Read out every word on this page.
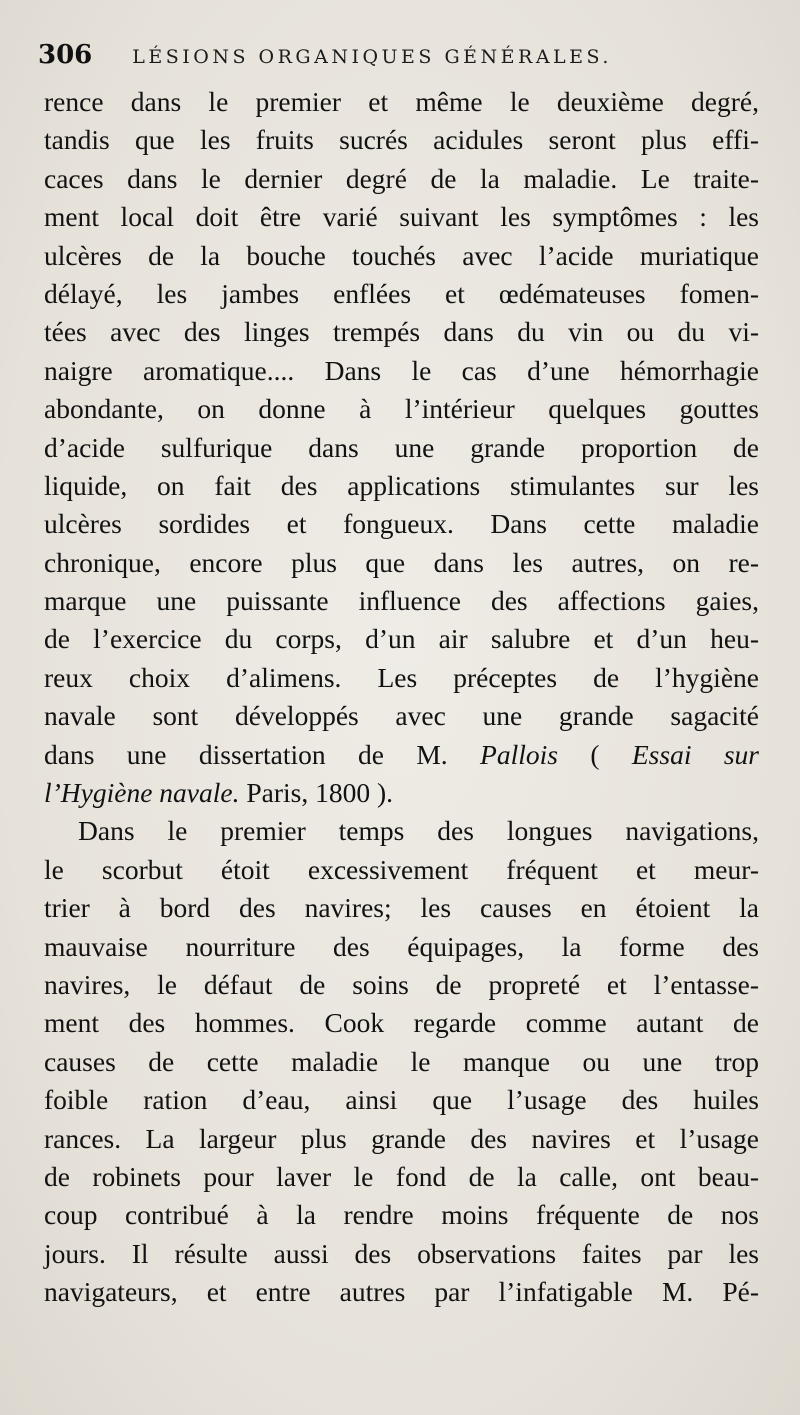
306 LÉSIONS ORGANIQUES GÉNÉRALES.
rence dans le premier et même le deuxième degré,
tandis que les fruits sucrés acidules seront plus effi-
caces dans le dernier degré de la maladie. Le traite-
ment local doit être varié suivant les symptômes : les
ulcères de la bouche touchés avec l’acide muriatique
délayé, les jambes enflées et œdémateuses fomen-
tées avec des linges trempés dans du vin ou du vi-
naigre aromatique.... Dans le cas d’une hémorrhagie
abondante, on donne à l’intérieur quelques gouttes
d’acide sulfurique dans une grande proportion de
liquide, on fait des applications stimulantes sur les
ulcères sordides et fongueux. Dans cette maladie
chronique, encore plus que dans les autres, on re-
marque une puissante influence des affections gaies,
de l’exercice du corps, d’un air salubre et d’un heu-
reux choix d’alimens. Les préceptes de l’hygiène
navale sont développés avec une grande sagacité
dans une dissertation de M. Pallois ( Essai sur
l’Hygiène navale. Paris, 1800 ).
Dans le premier temps des longues navigations,
le scorbut étoit excessivement fréquent et meur-
trier à bord des navires; les causes en étoient la
mauvaise nourriture des équipages, la forme des
navires, le défaut de soins de propreté et l’entasse-
ment des hommes. Cook regarde comme autant de
causes de cette maladie le manque ou une trop
foible ration d’eau, ainsi que l’usage des huiles
rances. La largeur plus grande des navires et l’usage
de robinets pour laver le fond de la calle, ont beau-
coup contribué à la rendre moins fréquente de nos
jours. Il résulte aussi des observations faites par les
navigateurs, et entre autres par l’infatigable M. Pé-
